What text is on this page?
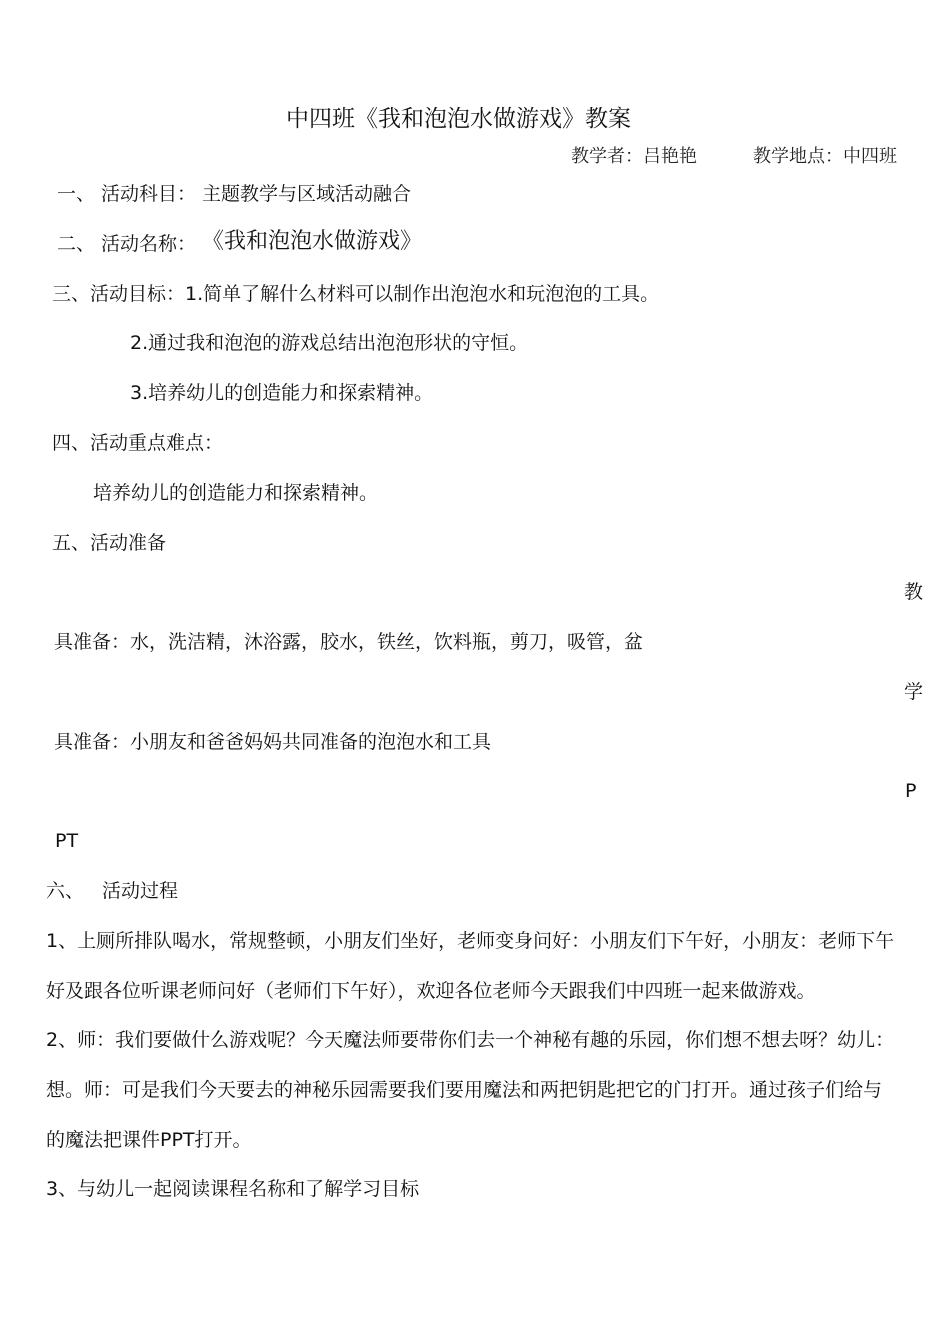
中四班《我和泡泡水做游戏》教案
教学者：吕艳艳	教学地点：中四班
一、 活动科目： 主题教学与区域活动融合
二、 活动名称： 《我和泡泡水做游戏》
三、活动目标： 1.简单了解什么材料可以制作出泡泡水和玩泡泡的工具。
2.通过我和泡泡的游戏总结出泡泡形状的守恒。
3.培养幼儿的创造能力和探索精神。
四、活动重点难点：
培养幼儿的创造能力和探索精神。
五、活动准备
教
具准备：水，洗洁精，沐浴露，胶水，铁丝，饮料瓶，剪刀，吸管，盆
学
具准备：小朋友和爸爸妈妈共同准备的泡泡水和工具
P
PT
六、 活动过程
1、上厕所排队喝水，常规整顿，小朋友们坐好，老师变身问好：小朋友们下午好，小朋友：老师下午
好及跟各位听课老师问好（老师们下午好），欢迎各位老师今天跟我们中四班一起来做游戏。
2、师：我们要做什么游戏呢？今天魔法师要带你们去一个神秘有趣的乐园，你们想不想去呀？幼儿：
想。师：可是我们今天要去的神秘乐园需要我们要用魔法和两把钥匙把它的门打开。通过孩子们给与
的魔法把课件PPT打开。
3、与幼儿一起阅读课程名称和了解学习目标
